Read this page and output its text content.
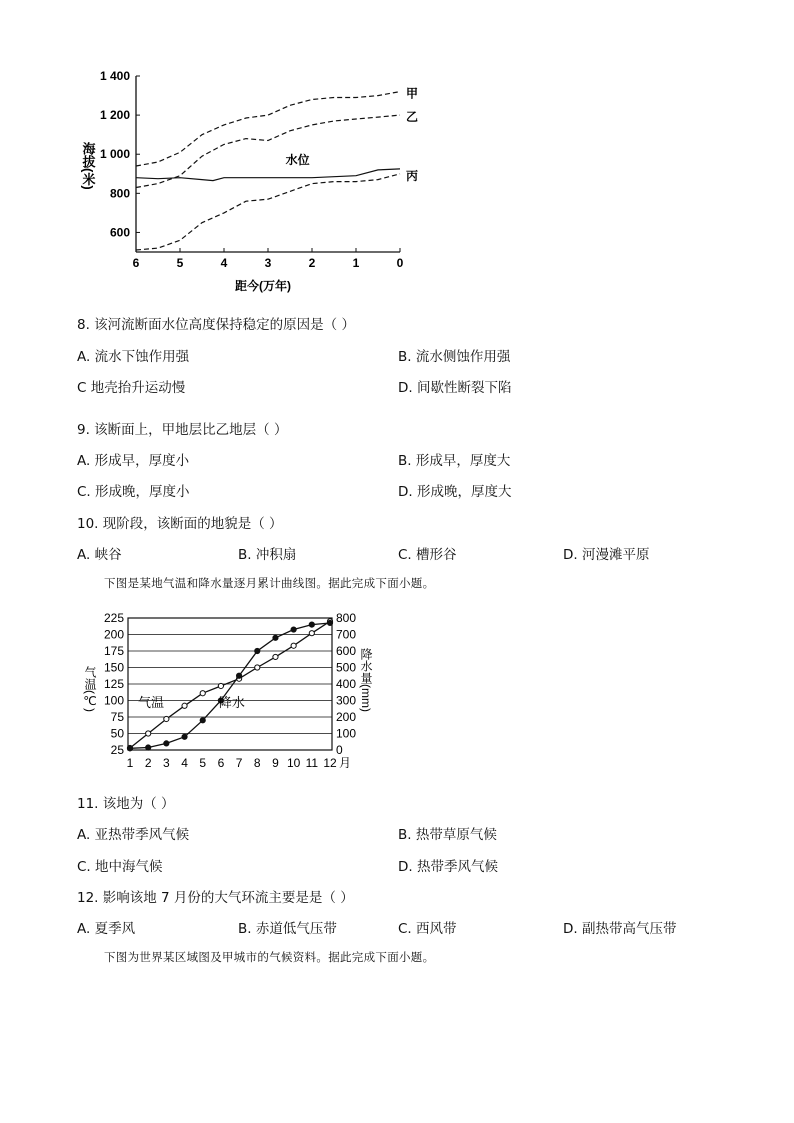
甲
乙
丙
水位
1 400
1 200
1 000
800
600
6	5	4	3	2	1	0
海拔(米)
距今(万年)
8. 该河流断面水位高度保持稳定的原因是（ ）
A. 流水下蚀作用强	B. 流水侧蚀作用强
C 地壳抬升运动慢	D. 间歇性断裂下陷
9. 该断面上，甲地层比乙地层（ ）
A. 形成早，厚度小	B. 形成早，厚度大
C. 形成晚，厚度小	D. 形成晚，厚度大
10. 现阶段，该断面的地貌是（ ）
A. 峡谷	B. 冲积扇	C. 槽形谷	D. 河漫滩平原
下图是某地气温和降水量逐月累计曲线图。据此完成下面小题。
气温	降水
225	800
200	700
175	600
150	500
125	400
100	300
75	200
50	100
25	0
1 2 3 4 5 6 7 8 9 10 11 12 月
气温(℃)	降水量(mm)
11. 该地为（ ）
A. 亚热带季风气候	B. 热带草原气候
C. 地中海气候	D. 热带季风气候
12. 影响该地 7 月份的大气环流主要是是（ ）
A. 夏季风	B. 赤道低气压带	C. 西风带	D. 副热带高气压带
下图为世界某区域图及甲城市的气候资料。据此完成下面小题。
